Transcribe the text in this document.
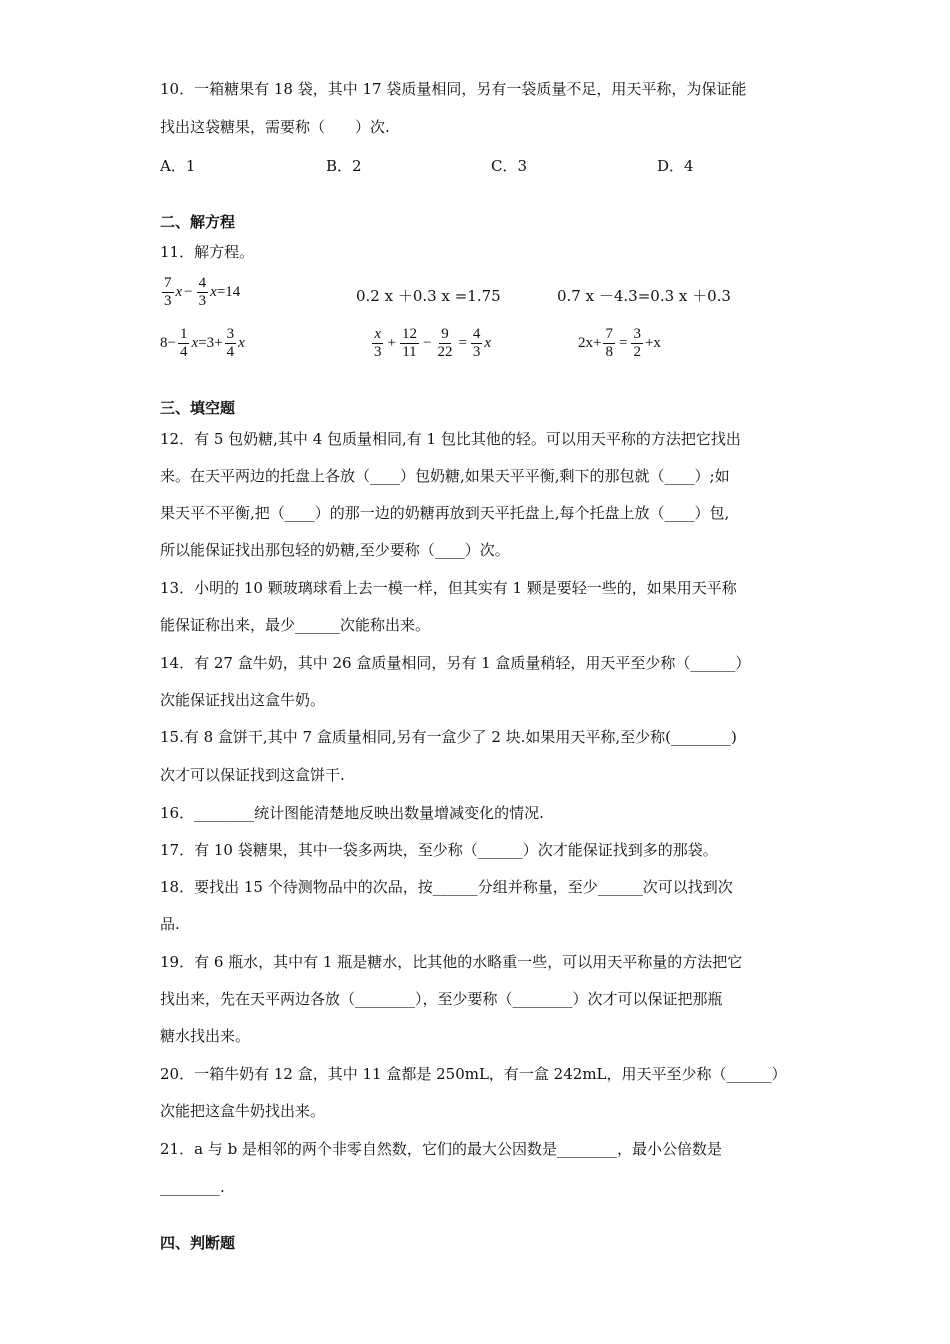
10．一箱糖果有 18 袋，其中 17 袋质量相同，另有一袋质量不足，用天平称，为保证能
找出这袋糖果，需要称（　　）次.
A．1	B．2	C．3	D．4
二、解方程
11．解方程。
$\frac{7}{3}$ $x - \frac{4}{3}$ x =14	0.2 x ＋0.3 x =1.75	0.7 x －4.3=0.3 x ＋0.3
$8- \frac{1}{4}$ $x =3+ \frac{3}{4}$ x	$\frac{x}{3} + \frac{12}{11} - \frac{9}{22} = \frac{4}{3}$ x	$2x+ \frac{7}{8} = \frac{3}{2} +x$
三、填空题
12．有 5 包奶糖,其中 4 包质量相同,有 1 包比其他的轻。可以用天平称的方法把它找出
来。在天平两边的托盘上各放（____）包奶糖,如果天平平衡,剩下的那包就（____）;如
果天平不平衡,把（____）的那一边的奶糖再放到天平托盘上,每个托盘上放（____）包,
所以能保证找出那包轻的奶糖,至少要称（____）次。
13．小明的 10 颗玻璃球看上去一模一样，但其实有 1 颗是要轻一些的，如果用天平称
能保证称出来，最少______次能称出来。
14．有 27 盒牛奶，其中 26 盒质量相同，另有 1 盒质量稍轻，用天平至少称（______）
次能保证找出这盒牛奶。
15.有 8 盒饼干,其中 7 盒质量相同,另有一盒少了 2 块.如果用天平称,至少称(________)
次才可以保证找到这盒饼干.
16．________统计图能清楚地反映出数量增减变化的情况.
17．有 10 袋糖果，其中一袋多两块，至少称（______）次才能保证找到多的那袋。
18．要找出 15 个待测物品中的次品，按______分组并称量，至少______次可以找到次
品.
19．有 6 瓶水，其中有 1 瓶是糖水，比其他的水略重一些，可以用天平称量的方法把它
找出来，先在天平两边各放（________），至少要称（________）次才可以保证把那瓶
糖水找出来。
20．一箱牛奶有 12 盒，其中 11 盒都是 250mL，有一盒 242mL，用天平至少称（______）
次能把这盒牛奶找出来。
21．a 与 b 是相邻的两个非零自然数，它们的最大公因数是________，最小公倍数是
________.
四、判断题
